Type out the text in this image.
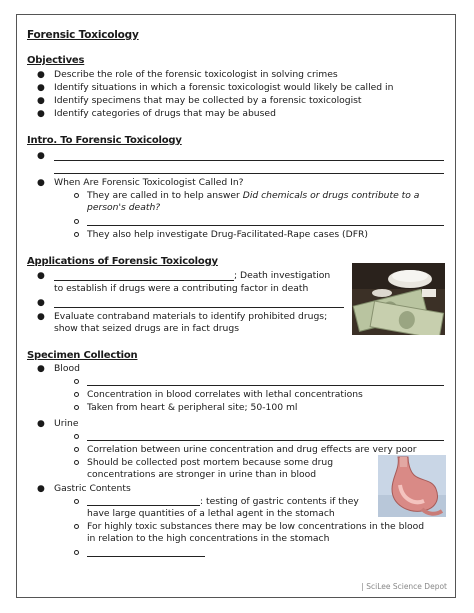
Forensic Toxicology
Objectives
● Describe the role of the forensic toxicologist in solving crimes
● Identify situations in which a forensic toxicologist would likely be called in
● Identify specimens that may be collected by a forensic toxicologist
● Identify categories of drugs that may be abused
Intro. To Forensic Toxicology
●
● When Are Forensic Toxicologist Called In?
They are called in to help answer Did chemicals or drugs contribute to a
person's death?
They also help investigate Drug-Facilitated-Rape cases (DFR)
Applications of Forensic Toxicology
●	; Death investigation
to establish if drugs were a contributing factor in death
●
● Evaluate contraband materials to identify prohibited drugs;
show that seized drugs are in fact drugs
Specimen Collection
● Blood
Concentration in blood correlates with lethal concentrations
Taken from heart & peripheral site; 50-100 ml
● Urine
Correlation between urine concentration and drug effects are very poor
Should be collected post mortem because some drug
concentrations are stronger in urine than in blood
● Gastric Contents
: testing of gastric contents if they
have large quantities of a lethal agent in the stomach
For highly toxic substances there may be low concentrations in the blood
in relation to the high concentrations in the stomach
| SciLee Science Depot
